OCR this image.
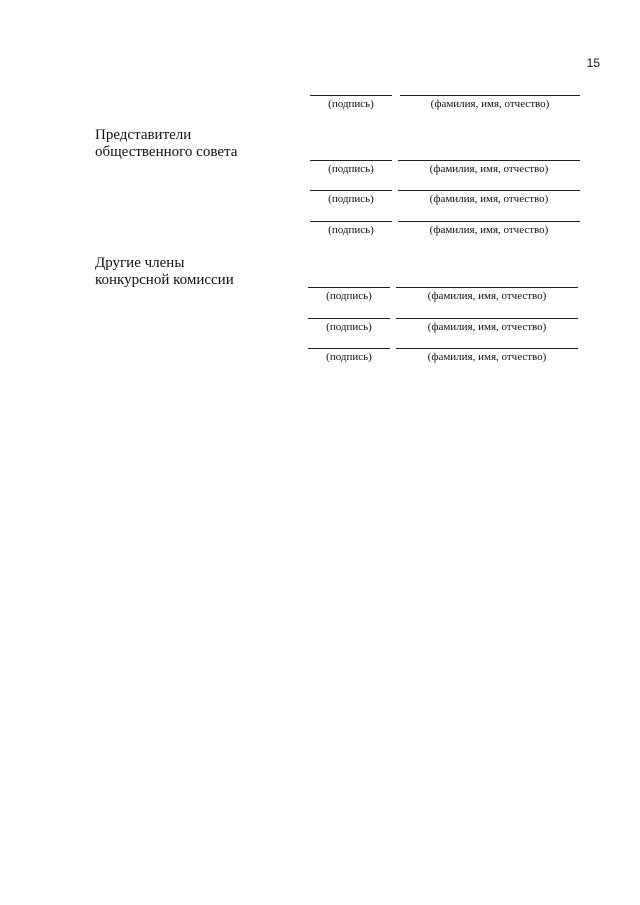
15
(подпись)	(фамилия, имя, отчество)
Представители
общественного совета
(подпись)	(фамилия, имя, отчество)
(подпись)	(фамилия, имя, отчество)
(подпись)	(фамилия, имя, отчество)
Другие члены
конкурсной комиссии
(подпись)	(фамилия, имя, отчество)
(подпись)	(фамилия, имя, отчество)
(подпись)	(фамилия, имя, отчество)
